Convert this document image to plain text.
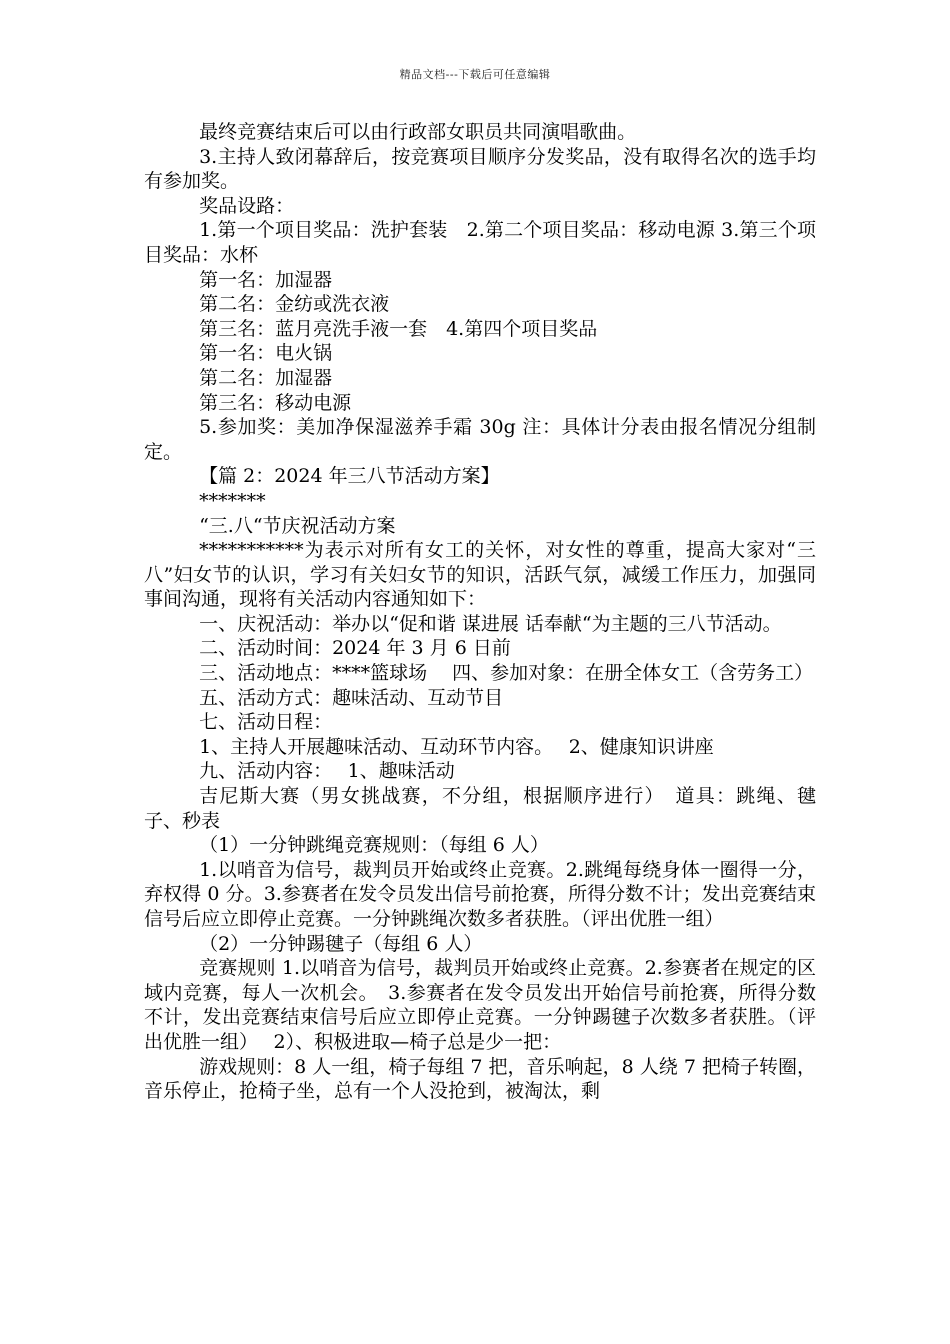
精品文档---下载后可任意编辑

最终竞赛结束后可以由行政部女职员共同演唱歌曲。

3.主持人致闭幕辞后，按竞赛项目顺序分发奖品，没有取得名次的选手均有参加奖。

奖品设路：

1.第一个项目奖品：洗护套装　2.第二个项目奖品：移动电源 3.第三个项目奖品：水杯

第一名：加湿器

第二名：金纺或洗衣液

第三名：蓝月亮洗手液一套　4.第四个项目奖品

第一名：电火锅

第二名：加湿器

第三名：移动电源

5.参加奖：美加净保湿滋养手霜 30g 注：具体计分表由报名情况分组制定。

【篇 2：2024 年三八节活动方案】

*******

“三.八“节庆祝活动方案

***********为表示对所有女工的关怀，对女性的尊重，提高大家对“三八”妇女节的认识，学习有关妇女节的知识，活跃气氛，减缓工作压力，加强同事间沟通，现将有关活动内容通知如下：

一、庆祝活动：举办以“促和谐 谋进展 话奉献“为主题的三八节活动。

二、活动时间：2024 年 3 月 6 日前

三、活动地点：****篮球场　 四、参加对象：在册全体女工（含劳务工）

五、活动方式：趣味活动、互动节目

七、活动日程：

1、主持人开展趣味活动、互动环节内容。　 2、健康知识讲座

九、活动内容：　 1、趣味活动

吉尼斯大赛（男女挑战赛，不分组，根据顺序进行）　道具：跳绳、毽子、秒表

（1）一分钟跳绳竞赛规则：（每组 6 人）

1.以哨音为信号，裁判员开始或终止竞赛。2.跳绳每绕身体一圈得一分，弃权得 0 分。3.参赛者在发令员发出信号前抢赛，所得分数不计；发出竞赛结束信号后应立即停止竞赛。一分钟跳绳次数多者获胜。（评出优胜一组）

（2）一分钟踢毽子（每组 6 人）

竞赛规则 1.以哨音为信号，裁判员开始或终止竞赛。2.参赛者在规定的区域内竞赛，每人一次机会。　3.参赛者在发令员发出开始信号前抢赛，所得分数不计，发出竞赛结束信号后应立即停止竞赛。一分钟踢毽子次数多者获胜。（评出优胜一组）　 2）、积极进取—椅子总是少一把：

游戏规则：8 人一组，椅子每组 7 把，音乐响起，8 人绕 7 把椅子转圈，音乐停止，抢椅子坐，总有一个人没抢到，被淘汰，剩
